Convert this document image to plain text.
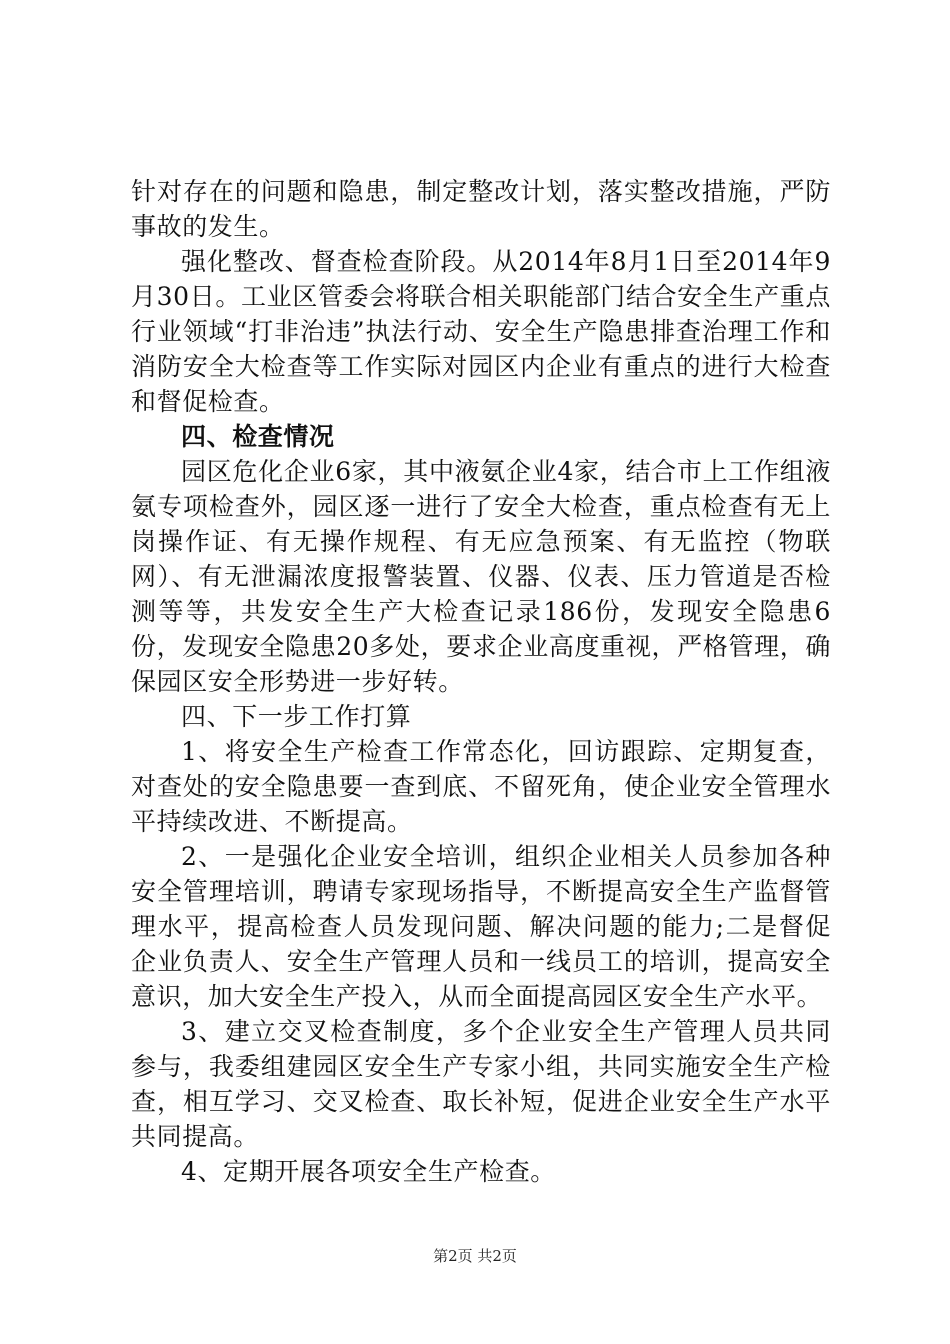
针对存在的问题和隐患，制定整改计划，落实整改措施，严防事故的发生。

强化整改、督查检查阶段。从2014年8月1日至2014年9月30日。工业区管委会将联合相关职能部门结合安全生产重点行业领域“打非治违”执法行动、安全生产隐患排查治理工作和消防安全大检查等工作实际对园区内企业有重点的进行大检查和督促检查。

四、检查情况

园区危化企业6家，其中液氨企业4家，结合市上工作组液氨专项检查外，园区逐一进行了安全大检查，重点检查有无上岗操作证、有无操作规程、有无应急预案、有无监控（物联网）、有无泄漏浓度报警装置、仪器、仪表、压力管道是否检测等等，共发安全生产大检查记录186份，发现安全隐患6份，发现安全隐患20多处，要求企业高度重视，严格管理，确保园区安全形势进一步好转。

四、下一步工作打算

1、将安全生产检查工作常态化，回访跟踪、定期复查，对查处的安全隐患要一查到底、不留死角，使企业安全管理水平持续改进、不断提高。

2、一是强化企业安全培训，组织企业相关人员参加各种安全管理培训，聘请专家现场指导，不断提高安全生产监督管理水平，提高检查人员发现问题、解决问题的能力;二是督促企业负责人、安全生产管理人员和一线员工的培训，提高安全意识，加大安全生产投入，从而全面提高园区安全生产水平。

3、建立交叉检查制度，多个企业安全生产管理人员共同参与，我委组建园区安全生产专家小组，共同实施安全生产检查，相互学习、交叉检查、取长补短，促进企业安全生产水平共同提高。

4、定期开展各项安全生产检查。

第2页 共2页
